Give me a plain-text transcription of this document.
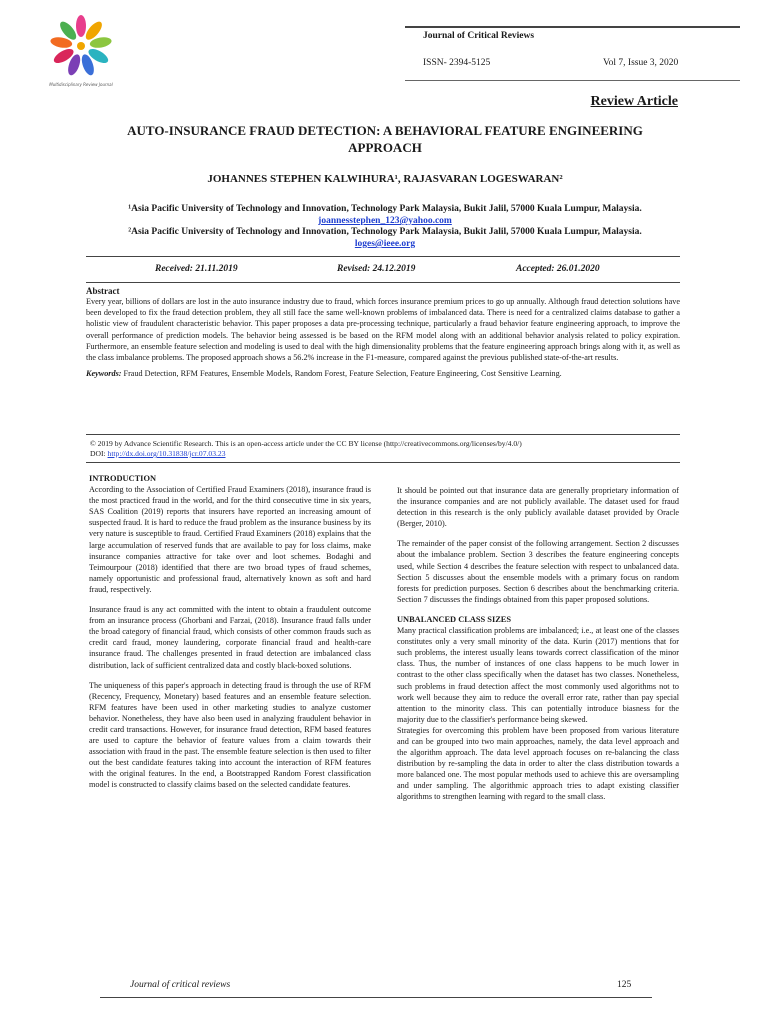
Multidisciplinary Review Journal
Journal of Critical Reviews
ISSN- 2394-5125	Vol 7, Issue 3, 2020
Review Article
AUTO-INSURANCE FRAUD DETECTION: A BEHAVIORAL FEATURE ENGINEERING APPROACH
JOHANNES STEPHEN KALWIHURA¹, RAJASVARAN LOGESWARAN²
¹Asia Pacific University of Technology and Innovation, Technology Park Malaysia, Bukit Jalil, 57000 Kuala Lumpur, Malaysia.
joannesstephen_123@yahoo.com
²Asia Pacific University of Technology and Innovation, Technology Park Malaysia, Bukit Jalil, 57000 Kuala Lumpur, Malaysia.
loges@ieee.org
Received: 21.11.2019	Revised: 24.12.2019	Accepted: 26.01.2020
Abstract
Every year, billions of dollars are lost in the auto insurance industry due to fraud, which forces insurance premium prices to go up annually. Although fraud detection solutions have been developed to fix the fraud detection problem, they all still face the same well-known problems of imbalanced data. There is need for a centralized claims database to gather a holistic view of fraudulent characteristic behavior. This paper proposes a data pre-processing technique, particularly a fraud behavior feature engineering approach, to improve the overall performance of prediction models. The behavior being assessed is be based on the RFM model along with an additional behavior analysis related to policy expiration. Furthermore, an ensemble feature selection and modeling is used to deal with the high dimensionality problems that the feature engineering approach brings along with it, as well as the class imbalance problems. The proposed approach shows a 56.2% increase in the F1-measure, compared against the previous published state-of-the-art results.
Keywords: Fraud Detection, RFM Features, Ensemble Models, Random Forest, Feature Selection, Feature Engineering, Cost Sensitive Learning.
© 2019 by Advance Scientific Research. This is an open-access article under the CC BY license (http://creativecommons.org/licenses/by/4.0/)
DOI: http://dx.doi.org/10.31838/jcr.07.03.23
INTRODUCTION

According to the Association of Certified Fraud Examiners (2018), insurance fraud is the most practiced fraud in the world, and for the third consecutive time in six years, SAS Coalition (2019) reports that insurers have reported an increasing amount of suspected fraud. It is hard to reduce the fraud problem as the insurance business by its very nature is susceptible to fraud. Certified Fraud Examiners (2018) explains that the large accumulation of reserved funds that are available to pay for loss claims, make insurance companies attractive for take over and loot schemes. Bodaghi and Teimourpour (2018) identified that there are two broad types of fraud schemes, namely opportunistic and professional fraud, alternatively known as soft and hard fraud, respectively.

Insurance fraud is any act committed with the intent to obtain a fraudulent outcome from an insurance process (Ghorbani and Farzai, (2018). Insurance fraud falls under the broad category of financial fraud, which consists of other common frauds such as credit card fraud, money laundering, corporate financial fraud and health-care insurance fraud. The challenges presented in fraud detection are imbalanced class distribution, lack of sufficient centralized data and costly black-boxed solutions.

The uniqueness of this paper's approach in detecting fraud is through the use of RFM (Recency, Frequency, Monetary) based features and an ensemble feature selection. RFM features have been used in other marketing studies to analyze customer behavior. Nonetheless, they have also been used in analyzing fraudulent behavior in credit card transactions. However, for insurance fraud detection, RFM based features are used to capture the behavior of feature values from a claim towards their association with fraud in the past. The ensemble feature selection is then used to filter out the best candidate features taking into account the interaction of RFM features with the original features. In the end, a Bootstrapped Random Forest classification model is constructed to classify claims based on the selected candidate features.

It should be pointed out that insurance data are generally proprietary information of the insurance companies and are not publicly available. The dataset used for fraud detection in this research is the only publicly available dataset provided by Oracle (Berger, 2010).

The remainder of the paper consist of the following arrangement. Section 2 discusses about the imbalance problem. Section 3 describes the feature engineering concepts used, while Section 4 describes the feature selection with respect to unbalanced data. Section 5 discusses about the ensemble models with a primary focus on random forests for prediction purposes. Section 6 describes about the benchmarking criteria. Section 7 discusses the findings obtained from this paper proposed solutions.

UNBALANCED CLASS SIZES

Many practical classification problems are imbalanced; i.e., at least one of the classes constitutes only a very small minority of the data. Kurin (2017) mentions that for such problems, the interest usually leans towards correct classification of the minor class. Thus, the number of instances of one class happens to be much lower in contrast to the other class specifically when the dataset has two classes. Nonetheless, such problems in fraud detection affect the most commonly used algorithms not to work well because they aim to reduce the overall error rate, rather than pay special attention to the minority class. This can potentially introduce biasness for the majority due to the classifier's performance being skewed.

Strategies for overcoming this problem have been proposed from various literature and can be grouped into two main approaches, namely, the data level approach and the algorithm approach. The data level approach focuses on re-balancing the class distribution by re-sampling the data in order to alter the class distribution towards a more balanced one. The most popular methods used to achieve this are oversampling and under sampling. The algorithmic approach tries to adapt existing classifier algorithms to strengthen learning with regard to the small class.

Journal of critical reviews	125
